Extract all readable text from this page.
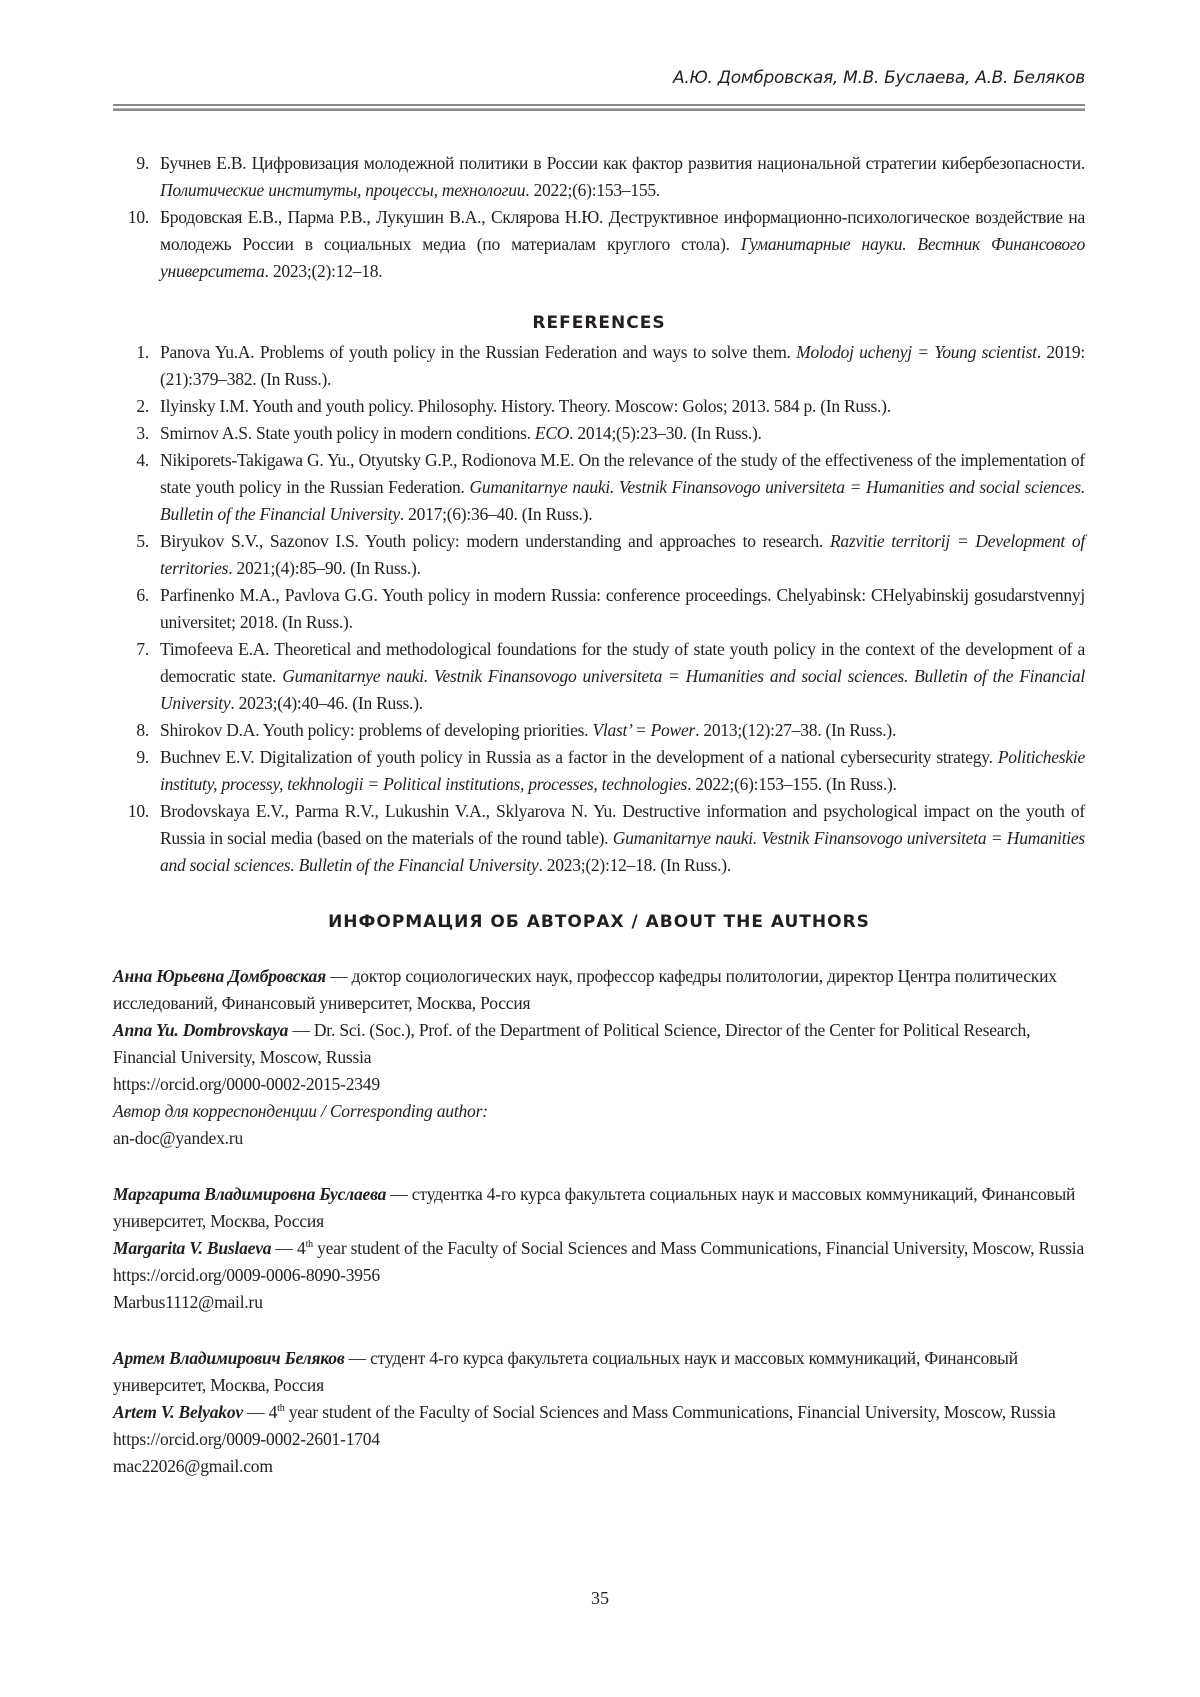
А.Ю. Домбровская, М.В. Буслаева, А.В. Беляков
9. Бучнев Е.В. Цифровизация молодежной политики в России как фактор развития национальной стратегии кибербезопасности. Политические институты, процессы, технологии. 2022;(6):153–155.
10. Бродовская Е.В., Парма Р.В., Лукушин В.А., Склярова Н.Ю. Деструктивное информационно-психологическое воздействие на молодежь России в социальных медиа (по материалам круглого стола). Гуманитарные науки. Вестник Финансового университета. 2023;(2):12–18.
REFERENCES
1. Panova Yu.A. Problems of youth policy in the Russian Federation and ways to solve them. Molodoj uchenyj = Young scientist. 2019:(21):379–382. (In Russ.).
2. Ilyinsky I.M. Youth and youth policy. Philosophy. History. Theory. Moscow: Golos; 2013. 584 p. (In Russ.).
3. Smirnov A.S. State youth policy in modern conditions. ECO. 2014;(5):23–30. (In Russ.).
4. Nikiporets-Takigawa G. Yu., Otyutsky G.P., Rodionova M.E. On the relevance of the study of the effectiveness of the implementation of state youth policy in the Russian Federation. Gumanitarnye nauki. Vestnik Finansovogo universiteta = Humanities and social sciences. Bulletin of the Financial University. 2017;(6):36–40. (In Russ.).
5. Biryukov S.V., Sazonov I.S. Youth policy: modern understanding and approaches to research. Razvitie territorij = Development of territories. 2021;(4):85–90. (In Russ.).
6. Parfinenko M.A., Pavlova G.G. Youth policy in modern Russia: conference proceedings. Chelyabinsk: CHelyabinskij gosudarstvennyj universitet; 2018. (In Russ.).
7. Timofeeva E.A. Theoretical and methodological foundations for the study of state youth policy in the context of the development of a democratic state. Gumanitarnye nauki. Vestnik Finansovogo universiteta = Humanities and social sciences. Bulletin of the Financial University. 2023;(4):40–46. (In Russ.).
8. Shirokov D.A. Youth policy: problems of developing priorities. Vlast’ = Power. 2013;(12):27–38. (In Russ.).
9. Buchnev E.V. Digitalization of youth policy in Russia as a factor in the development of a national cybersecurity strategy. Politicheskie instituty, processy, tekhnologii = Political institutions, processes, technologies. 2022;(6):153–155. (In Russ.).
10. Brodovskaya E.V., Parma R.V., Lukushin V.A., Sklyarova N. Yu. Destructive information and psychological impact on the youth of Russia in social media (based on the materials of the round table). Gumanitarnye nauki. Vestnik Finansovogo universiteta = Humanities and social sciences. Bulletin of the Financial University. 2023;(2):12–18. (In Russ.).
ИНФОРМАЦИЯ ОБ АВТОРАХ / ABOUT THE AUTHORS

Анна Юрьевна Домбровская — доктор социологических наук, профессор кафедры политологии, директор Центра политических исследований, Финансовый университет, Москва, Россия

Anna Yu. Dombrovskaya — Dr. Sci. (Soc.), Prof. of the Department of Political Science, Director of the Center for Political Research, Financial University, Moscow, Russia

https://orcid.org/0000-0002-2015-2349

Автор для корреспонденции / Corresponding author:

an-doc@yandex.ru

Маргарита Владимировна Буслаева — студентка 4-го курса факультета социальных наук и массовых коммуникаций, Финансовый университет, Москва, Россия

Margarita V. Buslaeva — 4th year student of the Faculty of Social Sciences and Mass Communications, Financial University, Moscow, Russia

https://orcid.org/0009-0006-8090-3956

Marbus1112@mail.ru

Артем Владимирович Беляков — студент 4-го курса факультета социальных наук и массовых коммуникаций, Финансовый университет, Москва, Россия

Artem V. Belyakov — 4th year student of the Faculty of Social Sciences and Mass Communications, Financial University, Moscow, Russia

https://orcid.org/0009-0002-2601-1704

mac22026@gmail.com

35
